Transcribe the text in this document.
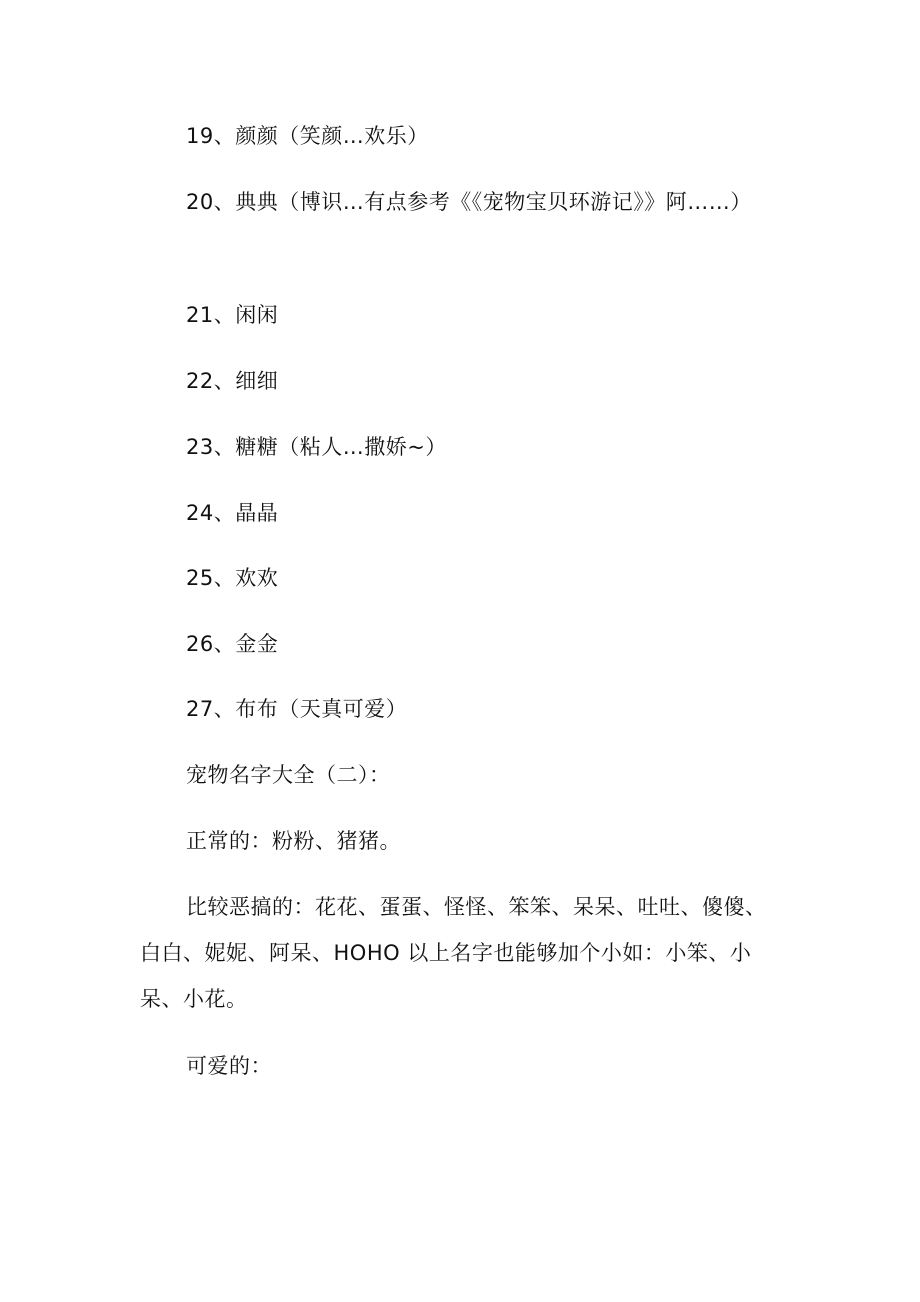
19、颜颜（笑颜…欢乐）

20、典典（博识…有点参考《《宠物宝贝环游记》》阿……）

21、闲闲

22、细细

23、糖糖（粘人…撒娇~）

24、晶晶

25、欢欢

26、金金

27、布布（天真可爱）

宠物名字大全（二）：

正常的：粉粉、猪猪。

比较恶搞的：花花、蛋蛋、怪怪、笨笨、呆呆、吐吐、傻傻、白白、妮妮、阿呆、HOHO 以上名字也能够加个小如：小笨、小呆、小花。

可爱的：
